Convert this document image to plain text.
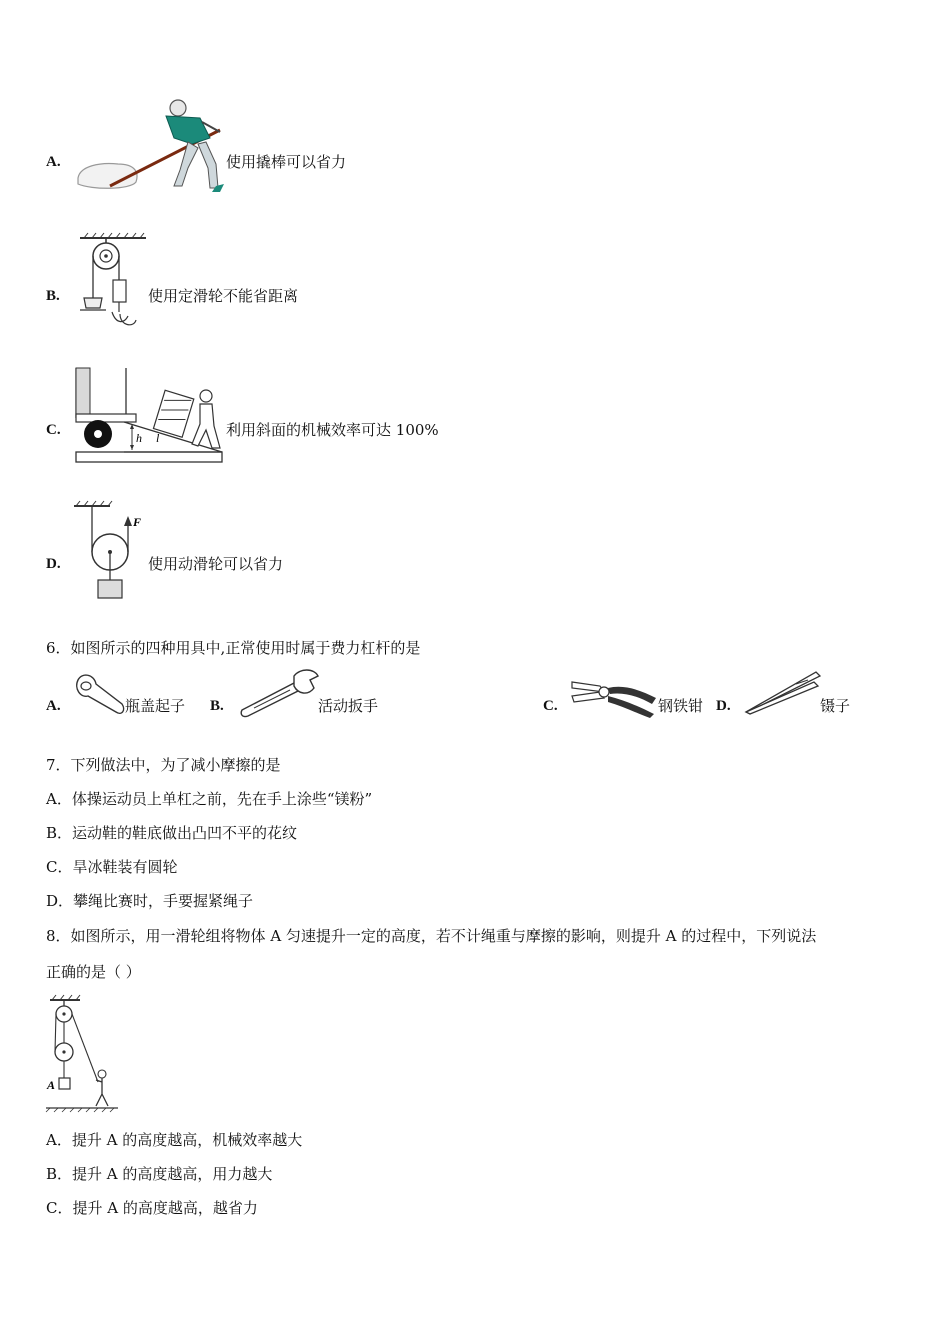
A.	使用撬棒可以省力
B.	使用定滑轮不能省距离
C.	h l	利用斜面的机械效率可达 100%
D.
F
使用动滑轮可以省力
6．如图所示的四种用具中,正常使用时属于费力杠杆的是
A.	瓶盖起子 B.	活动扳手	C.	钢铁钳 D.	镊子
7．下列做法中，为了减小摩擦的是
A．体操运动员上单杠之前，先在手上涂些“镁粉”
B．运动鞋的鞋底做出凸凹不平的花纹
C．旱冰鞋装有圆轮
D．攀绳比赛时，手要握紧绳子
8．如图所示，用一滑轮组将物体 A 匀速提升一定的高度，若不计绳重与摩擦的影响，则提升 A 的过程中，下列说法
正确的是（ ）
A
A．提升 A 的高度越高，机械效率越大
B．提升 A 的高度越高，用力越大
C．提升 A 的高度越高，越省力
